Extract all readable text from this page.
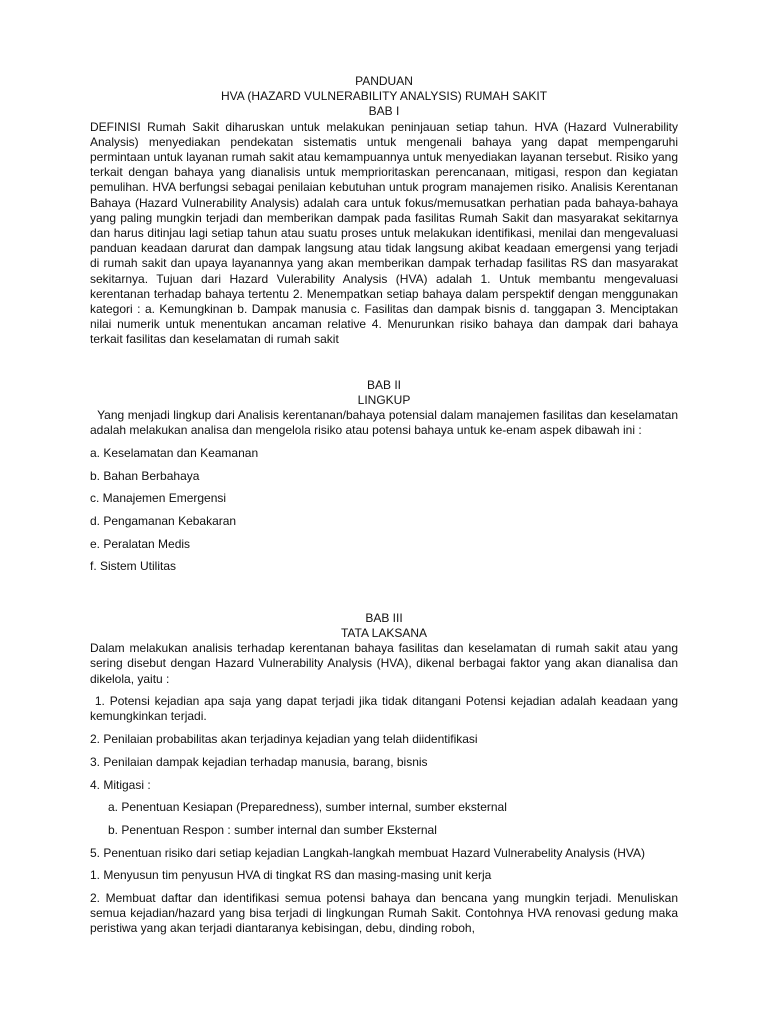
PANDUAN

HVA (HAZARD VULNERABILITY ANALYSIS) RUMAH SAKIT

BAB I

DEFINISI Rumah Sakit diharuskan untuk melakukan peninjauan setiap tahun. HVA (Hazard Vulnerability Analysis) menyediakan pendekatan sistematis untuk mengenali bahaya yang dapat mempengaruhi permintaan untuk layanan rumah sakit atau kemampuannya untuk menyediakan layanan tersebut. Risiko yang terkait dengan bahaya yang dianalisis untuk memprioritaskan perencanaan, mitigasi, respon dan kegiatan pemulihan. HVA berfungsi sebagai penilaian kebutuhan untuk program manajemen risiko. Analisis Kerentanan Bahaya (Hazard Vulnerability Analysis) adalah cara untuk fokus/memusatkan perhatian pada bahaya-bahaya yang paling mungkin terjadi dan memberikan dampak pada fasilitas Rumah Sakit dan masyarakat sekitarnya dan harus ditinjau lagi setiap tahun atau suatu proses untuk melakukan identifikasi, menilai dan mengevaluasi panduan keadaan darurat dan dampak langsung atau tidak langsung akibat keadaan emergensi yang terjadi di rumah sakit dan upaya layanannya yang akan memberikan dampak terhadap fasilitas RS dan masyarakat sekitarnya. Tujuan dari Hazard Vulerability Analysis (HVA) adalah 1. Untuk membantu mengevaluasi kerentanan terhadap bahaya tertentu 2. Menempatkan setiap bahaya dalam perspektif dengan menggunakan kategori : a. Kemungkinan b. Dampak manusia c. Fasilitas dan dampak bisnis d. tanggapan 3. Menciptakan nilai numerik untuk menentukan ancaman relative 4. Menurunkan risiko bahaya dan dampak dari bahaya terkait fasilitas dan keselamatan di rumah sakit

BAB II

LINGKUP

Yang menjadi lingkup dari Analisis kerentanan/bahaya potensial dalam manajemen fasilitas dan keselamatan adalah melakukan analisa dan mengelola risiko atau potensi bahaya untuk ke-enam aspek dibawah ini :

a. Keselamatan dan Keamanan

b. Bahan Berbahaya

c. Manajemen Emergensi

d. Pengamanan Kebakaran

e. Peralatan Medis

f. Sistem Utilitas

BAB III

TATA LAKSANA

Dalam melakukan analisis terhadap kerentanan bahaya fasilitas dan keselamatan di rumah sakit atau yang sering disebut dengan Hazard Vulnerability Analysis (HVA), dikenal berbagai faktor yang akan dianalisa dan dikelola, yaitu :

1. Potensi kejadian apa saja yang dapat terjadi jika tidak ditangani Potensi kejadian adalah keadaan yang kemungkinkan terjadi.

2. Penilaian probabilitas akan terjadinya kejadian yang telah diidentifikasi

3. Penilaian dampak kejadian terhadap manusia, barang, bisnis

4. Mitigasi :

a. Penentuan Kesiapan (Preparedness), sumber internal, sumber eksternal

b. Penentuan Respon : sumber internal dan sumber Eksternal

5. Penentuan risiko dari setiap kejadian Langkah-langkah membuat Hazard Vulnerabelity Analysis (HVA)

1. Menyusun tim penyusun HVA di tingkat RS dan masing-masing unit kerja

2. Membuat daftar dan identifikasi semua potensi bahaya dan bencana yang mungkin terjadi. Menuliskan semua kejadian/hazard yang bisa terjadi di lingkungan Rumah Sakit. Contohnya HVA renovasi gedung maka peristiwa yang akan terjadi diantaranya kebisingan, debu, dinding roboh,
